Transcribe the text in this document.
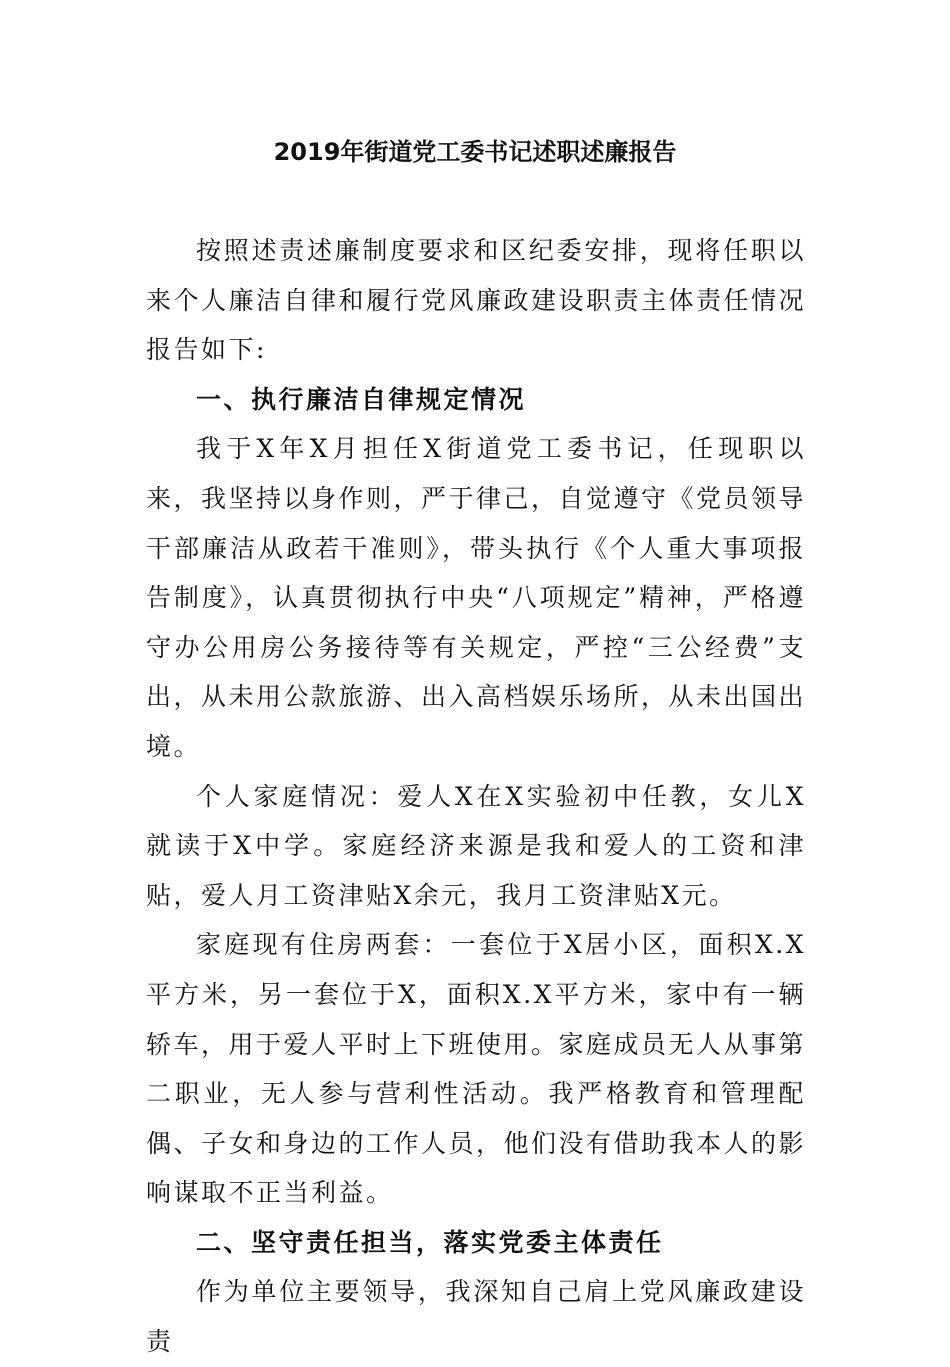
2019年街道党工委书记述职述廉报告

按照述责述廉制度要求和区纪委安排，现将任职以来个人廉洁自律和履行党风廉政建设职责主体责任情况报告如下:

一、执行廉洁自律规定情况

我于X年X月担任X街道党工委书记，任现职以来，我坚持以身作则，严于律己，自觉遵守《党员领导干部廉洁从政若干准则》，带头执行《个人重大事项报告制度》，认真贯彻执行中央“八项规定”精神，严格遵守办公用房公务接待等有关规定，严控“三公经费”支出，从未用公款旅游、出入高档娱乐场所，从未出国出境。

个人家庭情况：爱人X在X实验初中任教，女儿X就读于X中学。家庭经济来源是我和爱人的工资和津贴，爱人月工资津贴X余元，我月工资津贴X元。

家庭现有住房两套：一套位于X居小区，面积X.X平方米，另一套位于X，面积X.X平方米，家中有一辆轿车，用于爱人平时上下班使用。家庭成员无人从事第二职业，无人参与营利性活动。我严格教育和管理配偶、子女和身边的工作人员，他们没有借助我本人的影响谋取不正当利益。

二、坚守责任担当，落实党委主体责任

作为单位主要领导，我深知自己肩上党风廉政建设责
